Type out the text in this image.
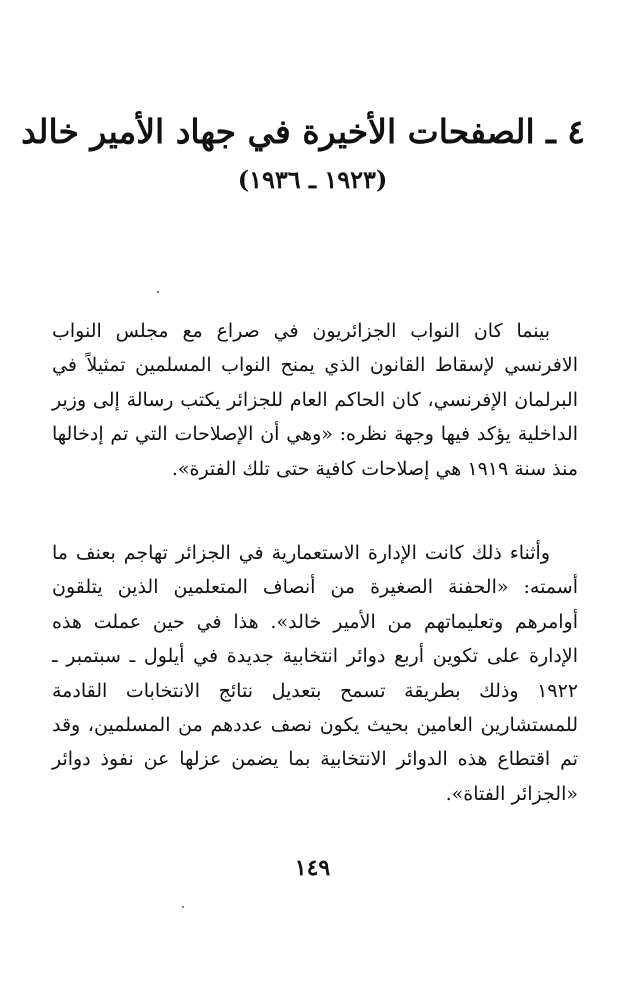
٤ ـ الصفحات الأخيرة في جهاد الأمير خالد
(١٩٢٣ ـ ١٩٣٦)

بينما كان النواب الجزائريون في صراع مع مجلس النواب الافرنسي لإسقاط القانون الذي يمنح النواب المسلمين تمثيلاً في البرلمان الإفرنسي، كان الحاكم العام للجزائر يكتب رسالة إلى وزير الداخلية يؤكد فيها وجهة نظره: «وهي أن الإصلاحات التي تم إدخالها منذ سنة ١٩١٩ هي إصلاحات كافية حتى تلك الفترة».

وأثناء ذلك كانت الإدارة الاستعمارية في الجزائر تهاجم بعنف ما أسمته: «الحفنة الصغيرة من أنصاف المتعلمين الذين يتلقون أوامرهم وتعليماتهم من الأمير خالد». هذا في حين عملت هذه الإدارة على تكوين أربع دوائر انتخابية جديدة في أيلول ـ سبتمبر ـ ١٩٢٢ وذلك بطريقة تسمح بتعديل نتائج الانتخابات القادمة للمستشارين العامين بحيث يكون نصف عددهم من المسلمين، وقد تم اقتطاع هذه الدوائر الانتخابية بما يضمن عزلها عن نفوذ دوائر «الجزائر الفتاة».

١٤٩
